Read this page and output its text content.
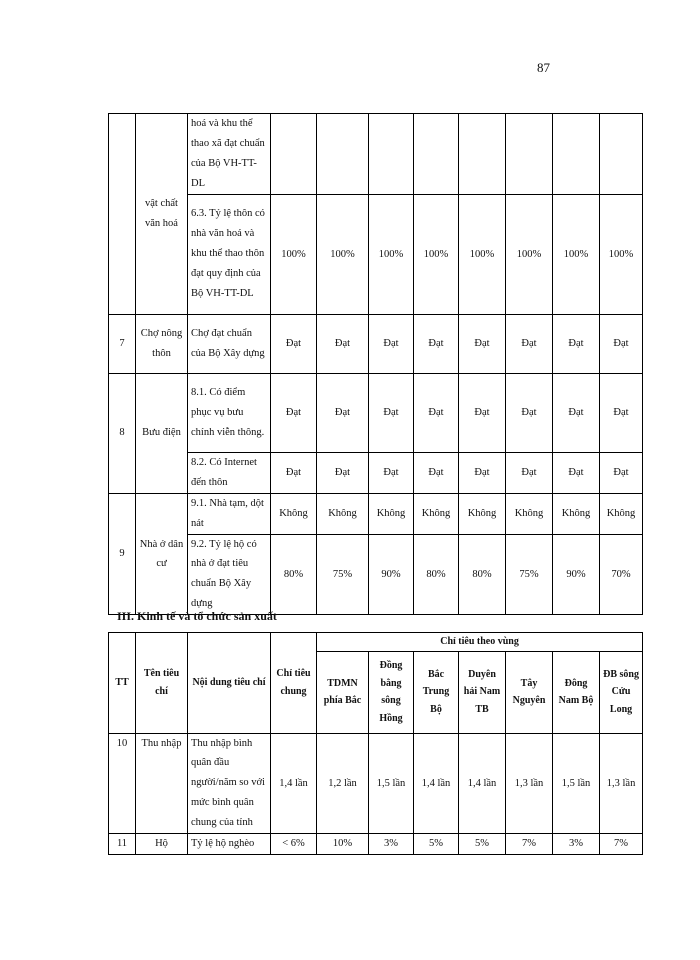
87
	vật chất văn hoá	hoá và khu thể thao xã đạt chuẩn của Bộ VH-TT-DL								
		6.3. Tỷ lệ thôn có nhà văn hoá và khu thể thao thôn đạt quy định của Bộ VH-TT-DL	100%	100%	100%	100%	100%	100%	100%	100%
7	Chợ nông thôn	Chợ đạt chuẩn của Bộ Xây dựng	Đạt	Đạt	Đạt	Đạt	Đạt	Đạt	Đạt	Đạt
8	Bưu điện	8.1. Có điểm phục vụ bưu chính viễn thông.	Đạt	Đạt	Đạt	Đạt	Đạt	Đạt	Đạt	Đạt
		8.2. Có Internet đến thôn	Đạt	Đạt	Đạt	Đạt	Đạt	Đạt	Đạt	Đạt
9	Nhà ở dân cư	9.1. Nhà tạm, dột nát	Không	Không	Không	Không	Không	Không	Không	Không
		9.2. Tỷ lệ hộ có nhà ở đạt tiêu chuẩn Bộ Xây dựng	80%	75%	90%	80%	80%	75%	90%	70%
III. Kinh tế và tổ chức sản xuất
TT	Tên tiêu chí	Nội dung tiêu chí	Chỉ tiêu chung	Chỉ tiêu theo vùng						
				TDMN phía Bắc	Đồng bằng sông Hồng	Bắc Trung Bộ	Duyên hải Nam TB	Tây Nguyên	Đông Nam Bộ	ĐB sông Cửu Long
10	Thu nhập	Thu nhập bình quân đầu người/năm so với mức bình quân chung của tỉnh	1,4 lần	1,2 lần	1,5 lần	1,4 lần	1,4 lần	1,3 lần	1,5 lần	1,3 lần
11	Hộ	Tỷ lệ hộ nghèo	< 6%	10%	3%	5%	5%	7%	3%	7%
